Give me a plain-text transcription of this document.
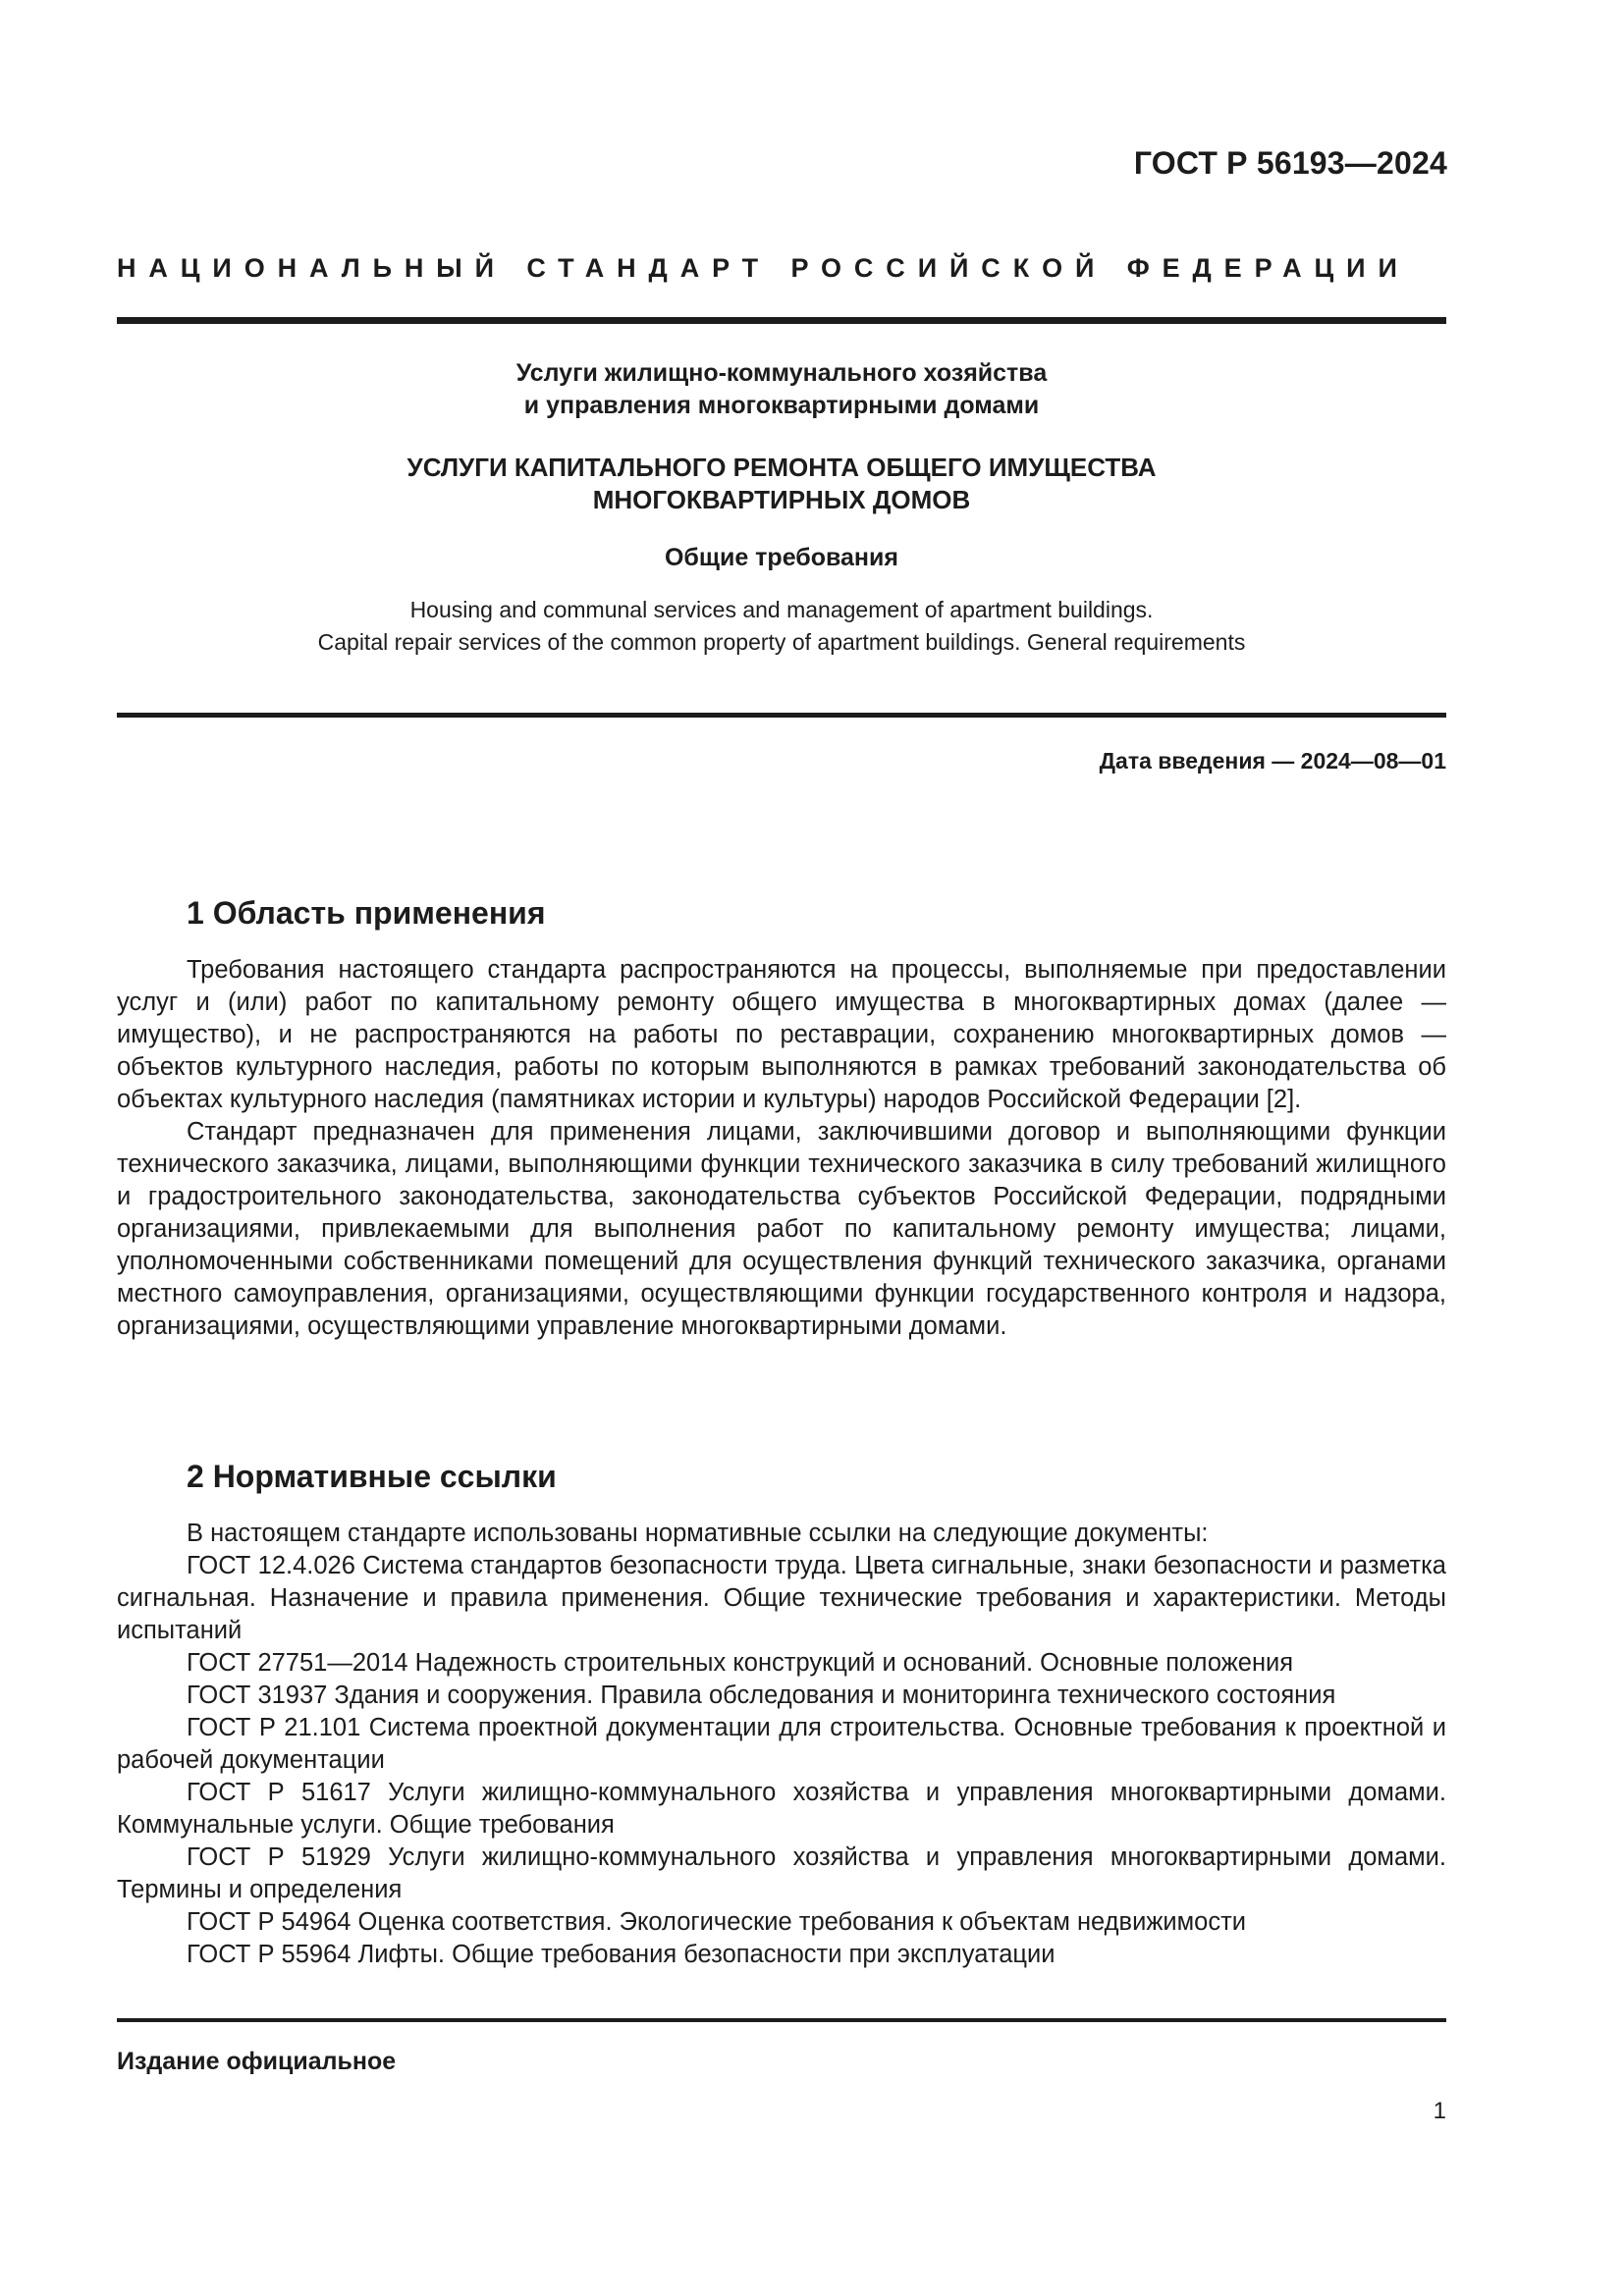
ГОСТ Р 56193—2024
НАЦИОНАЛЬНЫЙ СТАНДАРТ РОССИЙСКОЙ ФЕДЕРАЦИИ
Услуги жилищно-коммунального хозяйства
и управления многоквартирными домами
УСЛУГИ КАПИТАЛЬНОГО РЕМОНТА ОБЩЕГО ИМУЩЕСТВА
МНОГОКВАРТИРНЫХ ДОМОВ
Общие требования
Housing and communal services and management of apartment buildings.
Capital repair services of the common property of apartment buildings. General requirements
Дата введения — 2024—08—01
1 Область применения

Требования настоящего стандарта распространяются на процессы, выполняемые при предоставлении услуг и (или) работ по капитальному ремонту общего имущества в многоквартирных домах (далее — имущество), и не распространяются на работы по реставрации, сохранению многоквартирных домов — объектов культурного наследия, работы по которым выполняются в рамках требований законодательства об объектах культурного наследия (памятниках истории и культуры) народов Российской Федерации [2].

Стандарт предназначен для применения лицами, заключившими договор и выполняющими функции технического заказчика, лицами, выполняющими функции технического заказчика в силу требований жилищного и градостроительного законодательства, законодательства субъектов Российской Федерации, подрядными организациями, привлекаемыми для выполнения работ по капитальному ремонту имущества; лицами, уполномоченными собственниками помещений для осуществления функций технического заказчика, органами местного самоуправления, организациями, осуществляющими функции государственного контроля и надзора, организациями, осуществляющими управление многоквартирными домами.

2 Нормативные ссылки

В настоящем стандарте использованы нормативные ссылки на следующие документы:

ГОСТ 12.4.026 Система стандартов безопасности труда. Цвета сигнальные, знаки безопасности и разметка сигнальная. Назначение и правила применения. Общие технические требования и характеристики. Методы испытаний

ГОСТ 27751—2014 Надежность строительных конструкций и оснований. Основные положения

ГОСТ 31937 Здания и сооружения. Правила обследования и мониторинга технического состояния

ГОСТ Р 21.101 Система проектной документации для строительства. Основные требования к проектной и рабочей документации

ГОСТ Р 51617 Услуги жилищно-коммунального хозяйства и управления многоквартирными домами. Коммунальные услуги. Общие требования

ГОСТ Р 51929 Услуги жилищно-коммунального хозяйства и управления многоквартирными домами. Термины и определения

ГОСТ Р 54964 Оценка соответствия. Экологические требования к объектам недвижимости

ГОСТ Р 55964 Лифты. Общие требования безопасности при эксплуатации

Издание официальное
1
